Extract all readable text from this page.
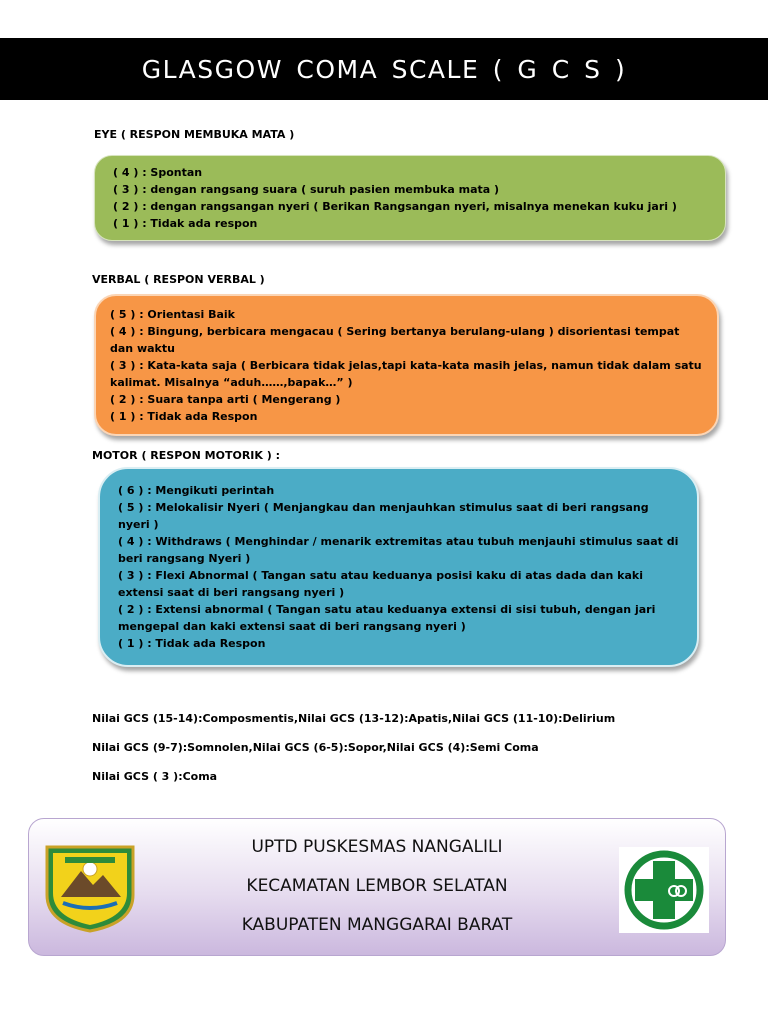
GLASGOW COMA SCALE ( G C S )
EYE ( RESPON MEMBUKA MATA )
( 4 ) : Spontan
( 3 ) : dengan rangsang suara ( suruh pasien membuka mata )
( 2 ) : dengan rangsangan nyeri ( Berikan Rangsangan nyeri, misalnya menekan kuku jari )
( 1 ) : Tidak ada respon
VERBAL ( RESPON VERBAL )
( 5 ) : Orientasi Baik
( 4 ) : Bingung, berbicara mengacau ( Sering bertanya berulang-ulang ) disorientasi tempat dan waktu
( 3 ) : Kata-kata saja ( Berbicara tidak jelas,tapi kata-kata masih jelas, namun tidak dalam satu kalimat. Misalnya “aduh……,bapak…” )
( 2 ) : Suara tanpa arti ( Mengerang )
( 1 ) : Tidak ada Respon
MOTOR ( RESPON MOTORIK ) :
( 6 ) : Mengikuti perintah
( 5 ) : Melokalisir Nyeri ( Menjangkau dan menjauhkan stimulus saat di beri rangsang nyeri )
( 4 ) : Withdraws ( Menghindar / menarik extremitas atau tubuh menjauhi stimulus saat di beri rangsang Nyeri )
( 3 ) : Flexi Abnormal ( Tangan satu atau keduanya posisi kaku di atas dada dan kaki extensi saat di beri rangsang nyeri )
( 2 ) : Extensi abnormal ( Tangan satu atau keduanya extensi di sisi tubuh, dengan jari mengepal dan kaki extensi saat di beri rangsang nyeri )
( 1 ) : Tidak ada Respon
Nilai GCS (15-14):Composmentis,Nilai GCS (13-12):Apatis,Nilai GCS (11-10):Delirium
Nilai GCS (9-7):Somnolen,Nilai GCS (6-5):Sopor,Nilai GCS (4):Semi Coma
Nilai GCS ( 3 ):Coma
UPTD PUSKESMAS NANGALILI
KECAMATAN LEMBOR SELATAN
KABUPATEN MANGGARAI BARAT
